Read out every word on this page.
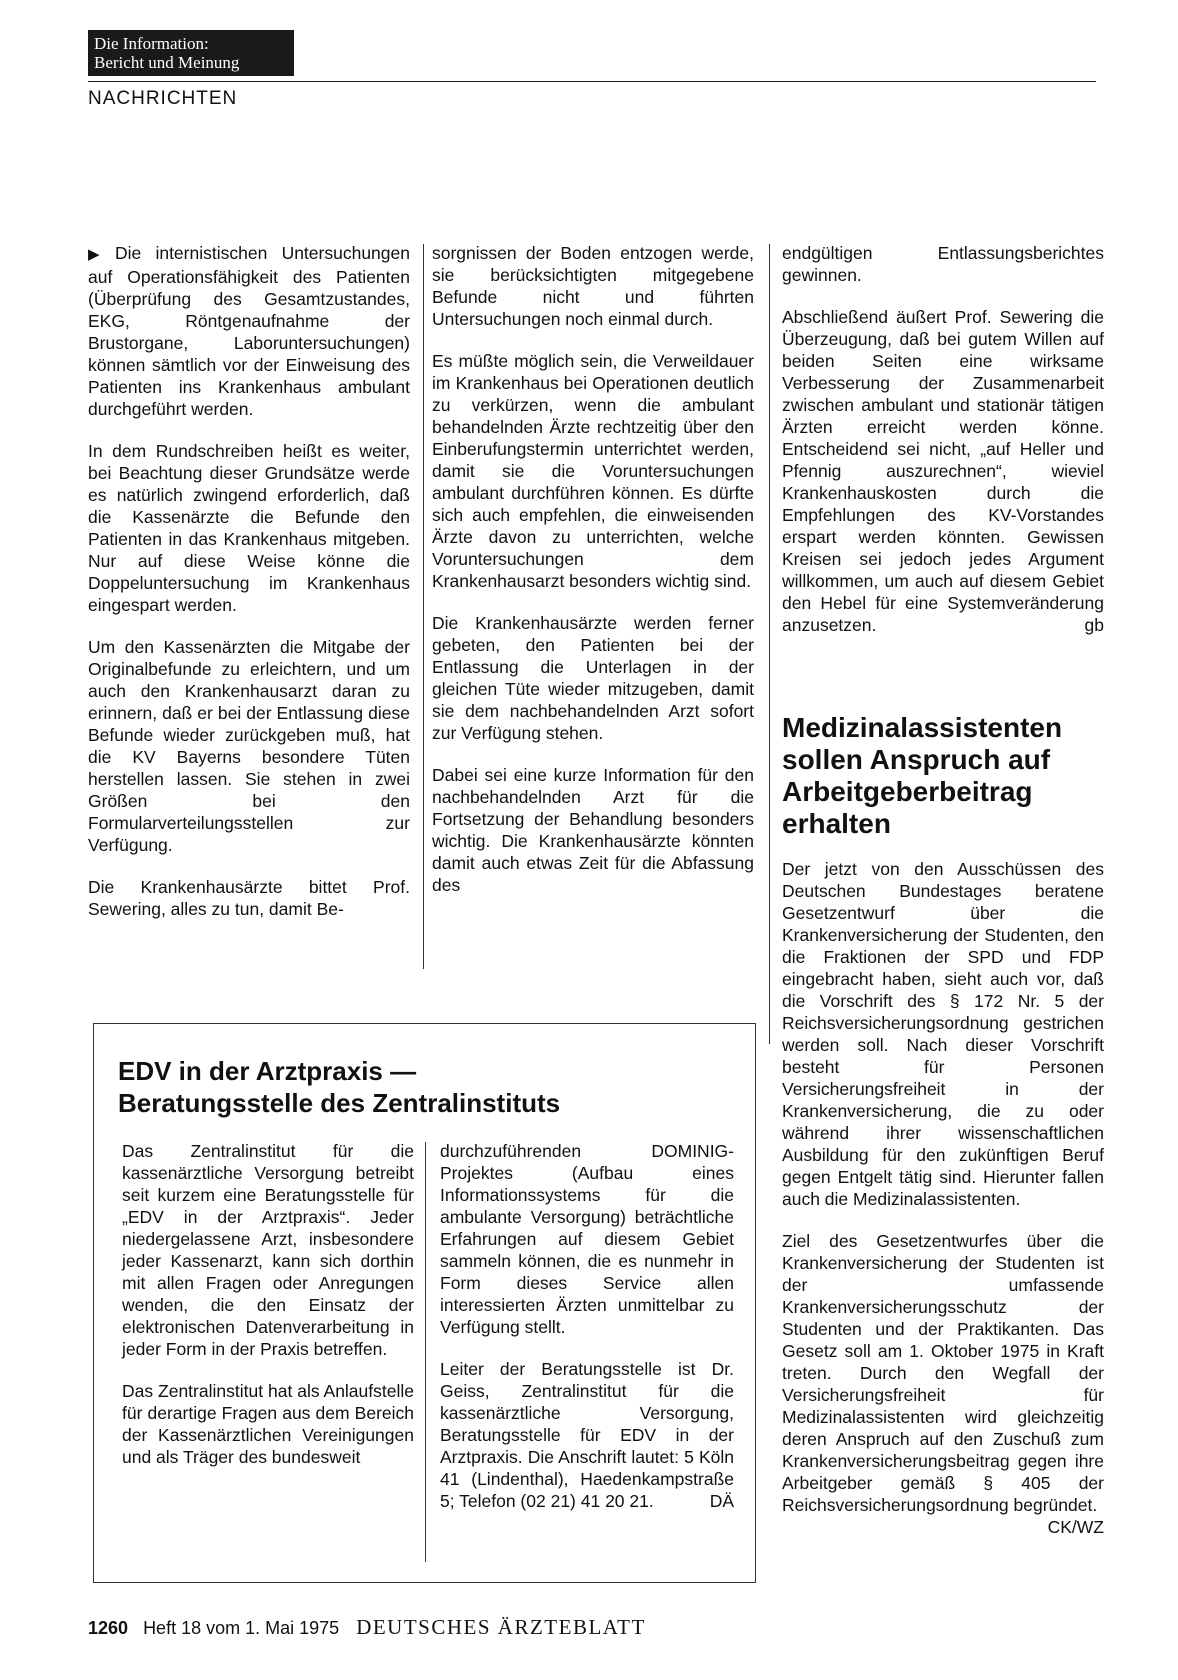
Die Information:
Bericht und Meinung
NACHRICHTEN

▶ Die internistischen Untersuchungen auf Operationsfähigkeit des Patienten (Überprüfung des Gesamtzustandes, EKG, Röntgenaufnahme der Brustorgane, Laboruntersuchungen) können sämtlich vor der Einweisung des Patienten ins Krankenhaus ambulant durchgeführt werden.

In dem Rundschreiben heißt es weiter, bei Beachtung dieser Grundsätze werde es natürlich zwingend erforderlich, daß die Kassenärzte die Befunde den Patienten in das Krankenhaus mitgeben. Nur auf diese Weise könne die Doppeluntersuchung im Krankenhaus eingespart werden.

Um den Kassenärzten die Mitgabe der Originalbefunde zu erleichtern, und um auch den Krankenhausarzt daran zu erinnern, daß er bei der Entlassung diese Befunde wieder zurückgeben muß, hat die KV Bayerns besondere Tüten herstellen lassen. Sie stehen in zwei Größen bei den Formularverteilungsstellen zur Verfügung.

Die Krankenhausärzte bittet Prof. Sewering, alles zu tun, damit Be-

sorgnissen der Boden entzogen werde, sie berücksichtigten mitgegebene Befunde nicht und führten Untersuchungen noch einmal durch.

Es müßte möglich sein, die Verweildauer im Krankenhaus bei Operationen deutlich zu verkürzen, wenn die ambulant behandelnden Ärzte rechtzeitig über den Einberufungstermin unterrichtet werden, damit sie die Voruntersuchungen ambulant durchführen können. Es dürfte sich auch empfehlen, die einweisenden Ärzte davon zu unterrichten, welche Voruntersuchungen dem Krankenhausarzt besonders wichtig sind.

Die Krankenhausärzte werden ferner gebeten, den Patienten bei der Entlassung die Unterlagen in der gleichen Tüte wieder mitzugeben, damit sie dem nachbehandelnden Arzt sofort zur Verfügung stehen.

Dabei sei eine kurze Information für den nachbehandelnden Arzt für die Fortsetzung der Behandlung besonders wichtig. Die Krankenhausärzte könnten damit auch etwas Zeit für die Abfassung des

endgültigen Entlassungsberichtes gewinnen.

Abschließend äußert Prof. Sewering die Überzeugung, daß bei gutem Willen auf beiden Seiten eine wirksame Verbesserung der Zusammenarbeit zwischen ambulant und stationär tätigen Ärzten erreicht werden könne. Entscheidend sei nicht, „auf Heller und Pfennig auszurechnen“, wieviel Krankenhauskosten durch die Empfehlungen des KV-Vorstandes erspart werden könnten. Gewissen Kreisen sei jedoch jedes Argument willkommen, um auch auf diesem Gebiet den Hebel für eine Systemveränderung anzusetzen.	gb

Medizinalassistenten sollen Anspruch auf Arbeitgeberbeitrag erhalten

Der jetzt von den Ausschüssen des Deutschen Bundestages beratene Gesetzentwurf über die Krankenversicherung der Studenten, den die Fraktionen der SPD und FDP eingebracht haben, sieht auch vor, daß die Vorschrift des § 172 Nr. 5 der Reichsversicherungsordnung gestrichen werden soll. Nach dieser Vorschrift besteht für Personen Versicherungsfreiheit in der Krankenversicherung, die zu oder während ihrer wissenschaftlichen Ausbildung für den zukünftigen Beruf gegen Entgelt tätig sind. Hierunter fallen auch die Medizinalassistenten.

Ziel des Gesetzentwurfes über die Krankenversicherung der Studenten ist der umfassende Krankenversicherungsschutz der Studenten und der Praktikanten. Das Gesetz soll am 1. Oktober 1975 in Kraft treten. Durch den Wegfall der Versicherungsfreiheit für Medizinalassistenten wird gleichzeitig deren Anspruch auf den Zuschuß zum Krankenversicherungsbeitrag gegen ihre Arbeitgeber gemäß § 405 der Reichsversicherungsordnung begründet.
CK/WZ

EDV in der Arztpraxis —
Beratungsstelle des Zentralinstituts

Das Zentralinstitut für die kassenärztliche Versorgung betreibt seit kurzem eine Beratungsstelle für „EDV in der Arztpraxis“. Jeder niedergelassene Arzt, insbesondere jeder Kassenarzt, kann sich dorthin mit allen Fragen oder Anregungen wenden, die den Einsatz der elektronischen Datenverarbeitung in jeder Form in der Praxis betreffen.

Das Zentralinstitut hat als Anlaufstelle für derartige Fragen aus dem Bereich der Kassenärztlichen Vereinigungen und als Träger des bundesweit

durchzuführenden DOMINIG-Projektes (Aufbau eines Informationssystems für die ambulante Versorgung) beträchtliche Erfahrungen auf diesem Gebiet sammeln können, die es nunmehr in Form dieses Service allen interessierten Ärzten unmittelbar zu Verfügung stellt.

Leiter der Beratungsstelle ist Dr. Geiss, Zentralinstitut für die kassenärztliche Versorgung, Beratungsstelle für EDV in der Arztpraxis. Die Anschrift lautet: 5 Köln 41 (Lindenthal), Haedenkampstraße 5; Telefon (02 21) 41 20 21.	DÄ

1260 Heft 18 vom 1. Mai 1975 DEUTSCHES ÄRZTEBLATT
